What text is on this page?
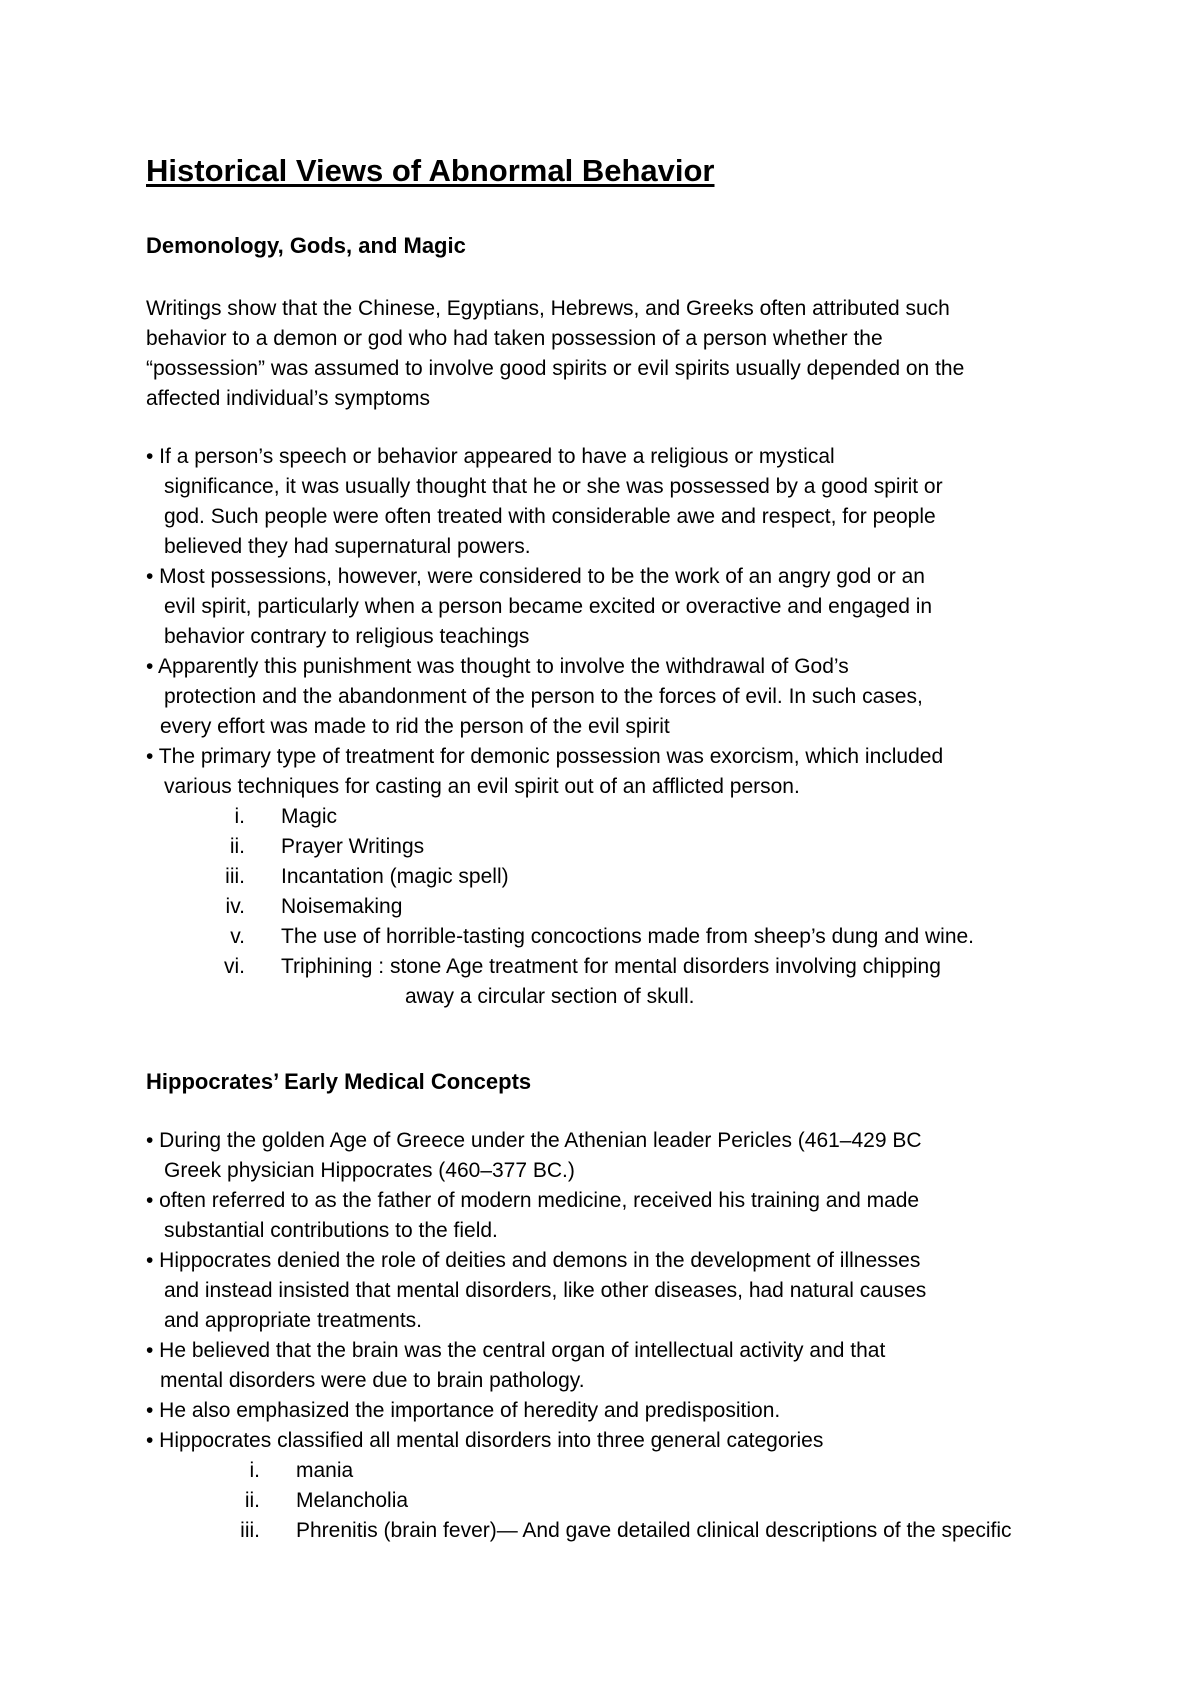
Historical Views of Abnormal Behavior
Demonology, Gods, and Magic
Writings show that the Chinese, Egyptians, Hebrews, and Greeks often attributed such
behavior to a demon or god who had taken possession of a person whether the
“possession” was assumed to involve good spirits or evil spirits usually depended on the
affected individual’s symptoms
• If a person’s speech or behavior appeared to have a religious or mystical
significance, it was usually thought that he or she was possessed by a good spirit or
god. Such people were often treated with considerable awe and respect, for people
believed they had supernatural powers.
• Most possessions, however, were considered to be the work of an angry god or an
evil spirit, particularly when a person became excited or overactive and engaged in
behavior contrary to religious teachings
• Apparently this punishment was thought to involve the withdrawal of God’s
protection and the abandonment of the person to the forces of evil. In such cases,
every effort was made to rid the person of the evil spirit
• The primary type of treatment for demonic possession was exorcism, which included
various techniques for casting an evil spirit out of an afflicted person.
i. Magic
ii. Prayer Writings
iii. Incantation (magic spell)
iv. Noisemaking
v. The use of horrible-tasting concoctions made from sheep’s dung and wine.
vi. Triphining : stone Age treatment for mental disorders involving chipping
away a circular section of skull.
Hippocrates’ Early Medical Concepts
• During the golden Age of Greece under the Athenian leader Pericles (461–429 BC
Greek physician Hippocrates (460–377 BC.)
• often referred to as the father of modern medicine, received his training and made
substantial contributions to the field.
• Hippocrates denied the role of deities and demons in the development of illnesses
and instead insisted that mental disorders, like other diseases, had natural causes
and appropriate treatments.
• He believed that the brain was the central organ of intellectual activity and that
mental disorders were due to brain pathology.
• He also emphasized the importance of heredity and predisposition.
• Hippocrates classified all mental disorders into three general categories
i. mania
ii. Melancholia
iii. Phrenitis (brain fever)— And gave detailed clinical descriptions of the specific
